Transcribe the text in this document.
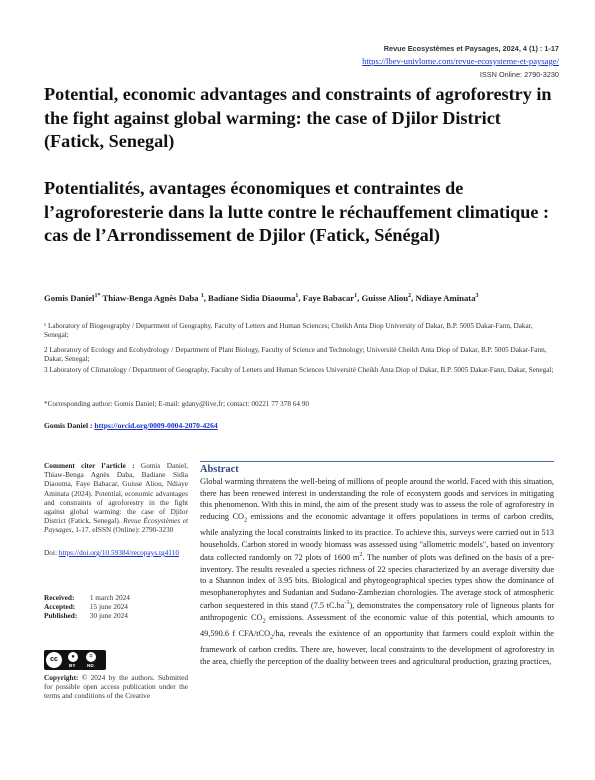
Revue Ecosystèmes et Paysages, 2024, 4 (1) : 1-17
https://lbev-univlome.com/revue-ecosysteme-et-paysage/
ISSN Online: 2790-3230
Potential, economic advantages and constraints of agroforestry in the fight against global warming: the case of Djilor District (Fatick, Senegal)
Potentialités, avantages économiques et contraintes de l’agroforesterie dans la lutte contre le réchauffement climatique : cas de l’Arrondissement de Djilor (Fatick, Sénégal)
Gomis Daniel$^{1*}$ Thiaw-Benga Agnès Daba $^1$, Badiane Sidia Diaouma$^1$, Faye Babacar$^1$, Guisse Aliou$^2$, Ndiaye Aminata$^3$

¹ Laboratory of Biogeography / Department of Geography, Faculty of Letters and Human Sciences; Cheikh Anta Diop University of Dakar, B.P. 5005 Dakar-Fann, Dakar, Senegal;

2 Laboratory of Ecology and Ecohydrology / Department of Plant Biology, Faculty of Science and Technology; Université Cheikh Anta Diop of Dakar, B.P. 5005 Dakar-Fann, Dakar, Senegal;

3 Laboratory of Climatology / Department of Geography, Faculty of Letters and Human Sciences Université Cheikh Anta Diop of Dakar, B.P. 5005 Dakar-Fann, Dakar, Senegal;

*Corresponding author: Gomis Daniel; E-mail: gdany@live.fr; contact: 00221 77 378 64 90

Gomis Daniel : https://orcid.org/0009-0004-2070-4264

Comment citer l’article : Gomis Daniel, Thiaw-Benga Agnès Daba, Badiane Sidia Diaouma, Faye Babacar, Guisse Aliou, Ndiaye Aminata (2024). Potential, economic advantages and constraints of agroforestry in the fight against global warming: the case of Djilor District (Fatick, Senegal). Revue Écosystèmes et Paysages, 1-17. eISSN (Online): 2790-3230
Doi: https://doi.org/10.59384/recopays.tg4110
Received: 1 march 2024
Accepted: 15 june 2024
Published: 30 june 2024
cc	●	=
BY	ND
Copyright: © 2024 by the authors. Submitted for possible open access publication under the terms and conditions of the Creative
Abstract

Global warming threatens the well-being of millions of people around the world. Faced with this situation, there has been renewed interest in understanding the role of ecosystem goods and services in mitigating this phenomenon. With this in mind, the aim of the present study was to assess the role of agroforestry in reducing $CO_2$ emissions and the economic advantage it offers populations in terms of carbon credits, while analyzing the local constraints linked to its practice. To achieve this, surveys were carried out in 513 households. Carbon stored in woody biomass was assessed using "allometric models", based on inventory data collected randomly on 72 plots of 1600 $m^2$. The number of plots was defined on the basis of a pre-inventory. The results revealed a species richness of 22 species characterized by an average diversity due to a Shannon index of 3.95 bits. Biological and phytogeographical species types show the dominance of mesophanerophytes and Sudanian and Sudano-Zambezian chorologies. The average stock of atmospheric carbon sequestered in this stand (7.5 $tC.ha^{-1}$), demonstrates the compensatory role of ligneous plants for anthropogenic $CO_2$ emissions. Assessment of the economic value of this potential, which amounts to 49,590.6 f CFA/tCO$_2$/ha, reveals the existence of an opportunity that farmers could exploit within the framework of carbon credits. There are, however, local constraints to the development of agroforestry in the area, chiefly the perception of the duality between trees and agricultural production, grazing practices,
